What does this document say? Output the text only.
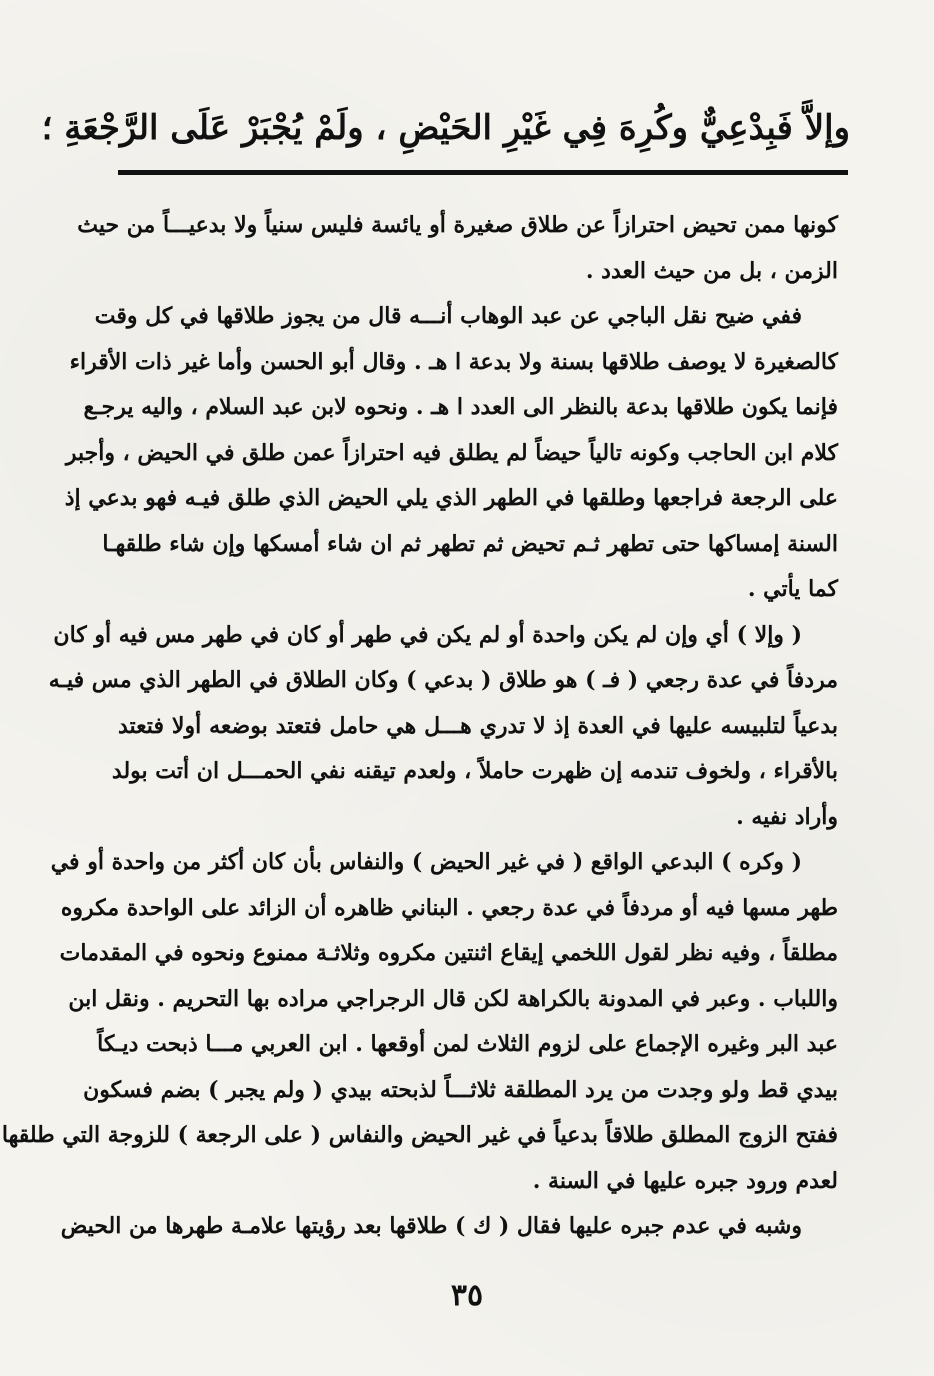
وإلاَّ فَبِدْعِيٌّ وكُرِهَ فِي غَيْرِ الحَيْضِ ، ولَمْ يُجْبَرْ عَلَى الرَّجْعَةِ ؛
كونها ممن تحيض احترازاً عن طلاق صغيرة أو يائسة فليس سنياً ولا بدعيـــاً من حيث
الزمن ، بل من حيث العدد .
ففي ضيح نقل الباجي عن عبد الوهاب أنـــه قال من يجوز طلاقها في كل وقت
كالصغيرة لا يوصف طلاقها بسنة ولا بدعة ا هـ . وقال أبو الحسن وأما غير ذات الأقراء
فإنما يكون طلاقها بدعة بالنظر الى العدد ا هـ . ونحوه لابن عبد السلام ، واليه يرجـع
كلام ابن الحاجب وكونه تالياً حيضاً لم يطلق فيه احترازاً عمن طلق في الحيض ، وأجبر
على الرجعة فراجعها وطلقها في الطهر الذي يلي الحيض الذي طلق فيـه فهو بدعي إذ
السنة إمساكها حتى تطهر ثـم تحيض ثم تطهر ثم ان شاء أمسكها وإن شاء طلقهـا
كما يأتي .
( وإلا ) أي وإن لم يكن واحدة أو لم يكن في طهر أو كان في طهر مس فيه أو كان
مردفاً في عدة رجعي ( فـ ) هو طلاق ( بدعي ) وكان الطلاق في الطهر الذي مس فيـه
بدعياً لتلبيسه عليها في العدة إذ لا تدري هـــل هي حامل فتعتد بوضعه أولا فتعتد
بالأقراء ، ولخوف تندمه إن ظهرت حاملاً ، ولعدم تيقنه نفي الحمـــل ان أتت بولد
وأراد نفيه .
( وكره ) البدعي الواقع ( في غير الحيض ) والنفاس بأن كان أكثر من واحدة أو في
طهر مسها فيه أو مردفاً في عدة رجعي . البناني ظاهره أن الزائد على الواحدة مكروه
مطلقاً ، وفيه نظر لقول اللخمي إيقاع اثنتين مكروه وثلاثـة ممنوع ونحوه في المقدمات
واللباب . وعبر في المدونة بالكراهة لكن قال الرجراجي مراده بها التحريم . ونقل ابن
عبد البر وغيره الإجماع على لزوم الثلاث لمن أوقعها . ابن العربي مـــا ذبحت ديـكاً
بيدي قط ولو وجدت من يرد المطلقة ثلاثـــاً لذبحته بيدي ( ولم يجبر ) بضم فسكون
ففتح الزوج المطلق طلاقاً بدعياً في غير الحيض والنفاس ( على الرجعة ) للزوجة التي طلقها
لعدم ورود جبره عليها في السنة .
وشبه في عدم جبره عليها فقال ( ك ) طلاقها بعد رؤيتها علامـة طهرها من الحيض
٣٥
